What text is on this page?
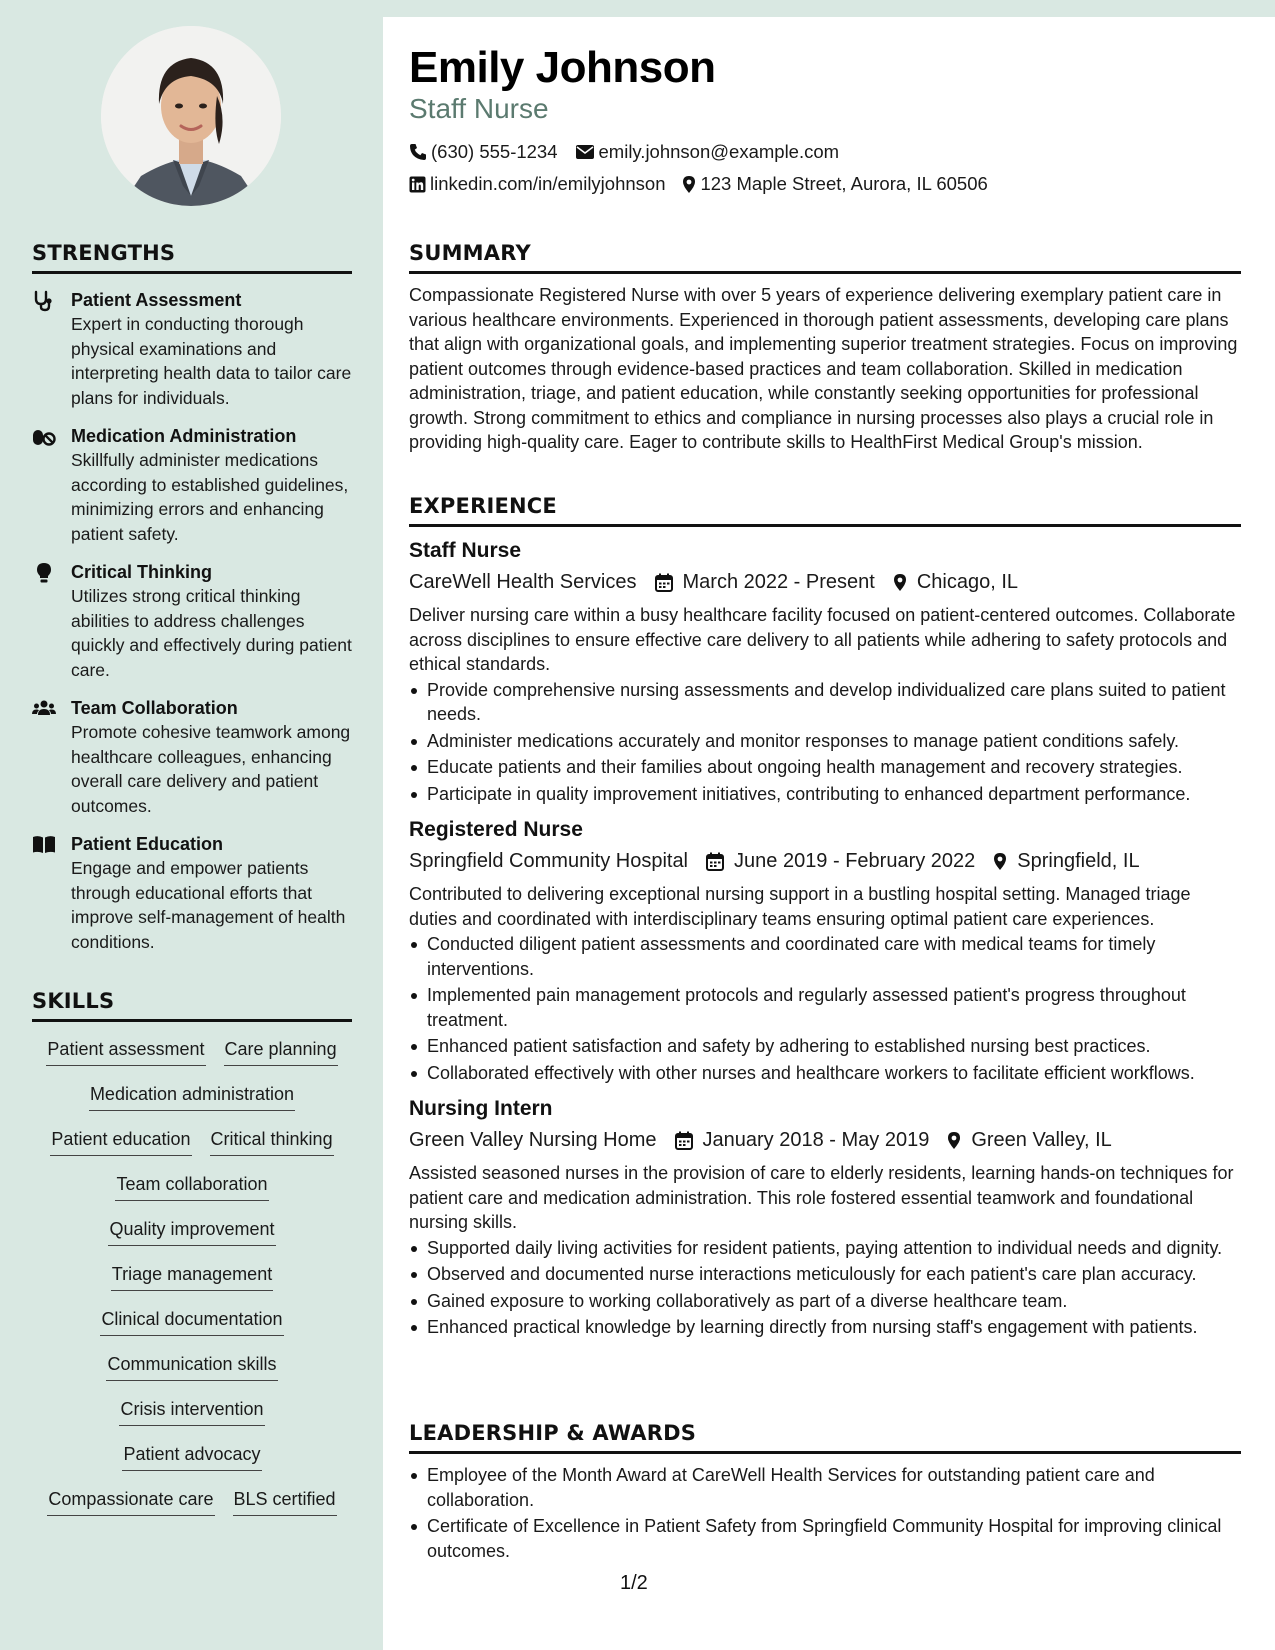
STRENGTHS
Patient Assessment
Expert in conducting thorough physical examinations and interpreting health data to tailor care plans for individuals.
Medication Administration
Skillfully administer medications according to established guidelines, minimizing errors and enhancing patient safety.
Critical Thinking
Utilizes strong critical thinking abilities to address challenges quickly and effectively during patient care.
Team Collaboration
Promote cohesive teamwork among healthcare colleagues, enhancing overall care delivery and patient outcomes.
Patient Education
Engage and empower patients through educational efforts that improve self-management of health conditions.
SKILLS
Patient assessment Care planning
Medication administration
Patient education Critical thinking
Team collaboration
Quality improvement
Triage management
Clinical documentation
Communication skills
Crisis intervention
Patient advocacy
Compassionate care BLS certified
Emily Johnson
Staff Nurse
(630) 555-1234 emily.johnson@example.com
linkedin.com/in/emilyjohnson 123 Maple Street, Aurora, IL 60506
SUMMARY
Compassionate Registered Nurse with over 5 years of experience delivering exemplary patient care in various healthcare environments. Experienced in thorough patient assessments, developing care plans that align with organizational goals, and implementing superior treatment strategies. Focus on improving patient outcomes through evidence-based practices and team collaboration. Skilled in medication administration, triage, and patient education, while constantly seeking opportunities for professional growth. Strong commitment to ethics and compliance in nursing processes also plays a crucial role in providing high-quality care. Eager to contribute skills to HealthFirst Medical Group's mission.
EXPERIENCE
Staff Nurse
CareWell Health Services March 2022 - Present Chicago, IL
Deliver nursing care within a busy healthcare facility focused on patient-centered outcomes. Collaborate across disciplines to ensure effective care delivery to all patients while adhering to safety protocols and ethical standards.
Provide comprehensive nursing assessments and develop individualized care plans suited to patient needs.
Administer medications accurately and monitor responses to manage patient conditions safely.
Educate patients and their families about ongoing health management and recovery strategies.
Participate in quality improvement initiatives, contributing to enhanced department performance.
Registered Nurse
Springfield Community Hospital June 2019 - February 2022 Springfield, IL
Contributed to delivering exceptional nursing support in a bustling hospital setting. Managed triage duties and coordinated with interdisciplinary teams ensuring optimal patient care experiences.
Conducted diligent patient assessments and coordinated care with medical teams for timely interventions.
Implemented pain management protocols and regularly assessed patient's progress throughout treatment.
Enhanced patient satisfaction and safety by adhering to established nursing best practices.
Collaborated effectively with other nurses and healthcare workers to facilitate efficient workflows.
Nursing Intern
Green Valley Nursing Home January 2018 - May 2019 Green Valley, IL
Assisted seasoned nurses in the provision of care to elderly residents, learning hands-on techniques for patient care and medication administration. This role fostered essential teamwork and foundational nursing skills.
Supported daily living activities for resident patients, paying attention to individual needs and dignity.
Observed and documented nurse interactions meticulously for each patient's care plan accuracy.
Gained exposure to working collaboratively as part of a diverse healthcare team.
Enhanced practical knowledge by learning directly from nursing staff's engagement with patients.
LEADERSHIP & AWARDS
Employee of the Month Award at CareWell Health Services for outstanding patient care and collaboration.
Certificate of Excellence in Patient Safety from Springfield Community Hospital for improving clinical outcomes.
1/2
